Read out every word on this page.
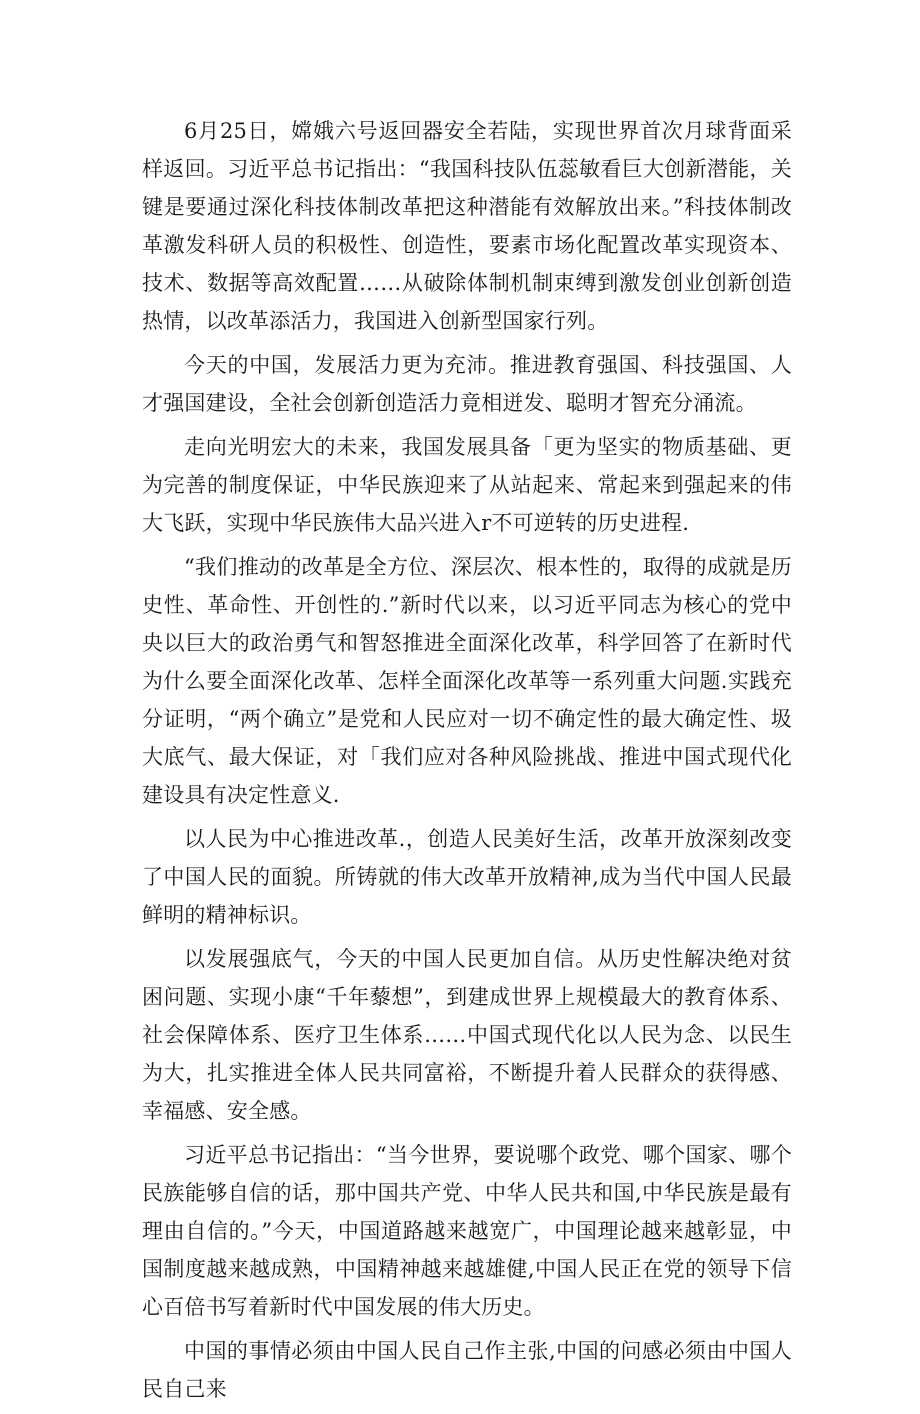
6月25日，嫦娥六号返回器安全若陆，实现世界首次月球背面采样返回。习近平总书记指出：“我国科技队伍蕊敏看巨大创新潜能，关键是要通过深化科技体制改革把这种潜能有效解放出来。”科技体制改革激发科研人员的积极性、创造性，要素市场化配置改革实现资本、技术、数据等高效配置……从破除体制机制束缚到激发创业创新创造热情，以改革添活力，我国进入创新型国家行列。

今天的中国，发展活力更为充沛。推进教育强国、科技强国、人才强国建设，全社会创新创造活力竟相迸发、聪明才智充分涌流。

走向光明宏大的未来，我国发展具备「更为坚实的物质基础、更为完善的制度保证，中华民族迎来了从站起来、常起来到强起来的伟大飞跃，实现中华民族伟大品兴进入r不可逆转的历史进程.

“我们推动的改革是全方位、深层次、根本性的，取得的成就是历史性、革命性、开创性的.”新时代以来，以习近平同志为核心的党中央以巨大的政治勇气和智怒推进全面深化改革，科学回答了在新时代为什么要全面深化改革、怎样全面深化改革等一系列重大问题.实践充分证明，“两个确立”是党和人民应对一切不确定性的最大确定性、圾大底气、最大保证，对「我们应对各种风险挑战、推进中国式现代化建设具有决定性意义.

以人民为中心推进改革.，创造人民美好生活，改革开放深刻改变了中国人民的面貌。所铸就的伟大改革开放精神,成为当代中国人民最鲜明的精神标识。

以发展强底气，今天的中国人民更加自信。从历史性解决绝对贫困问题、实现小康“千年藜想”，到建成世界上规模最大的教育体系、社会保障体系、医疗卫生体系……中国式现代化以人民为念、以民生为大，扎实推进全体人民共同富裕，不断提升着人民群众的获得感、幸福感、安全感。

习近平总书记指出：“当今世界，要说哪个政党、哪个国家、哪个民族能够自信的话，那中国共产党、中华人民共和国,中华民族是最有理由自信的。”今天，中国道路越来越宽广，中国理论越来越彰显，中国制度越来越成熟，中国精神越来越雄健,中国人民正在党的领导下信心百倍书写着新时代中国发展的伟大历史。

中国的事情必须由中国人民自己作主张,中国的问感必须由中国人民自己来
